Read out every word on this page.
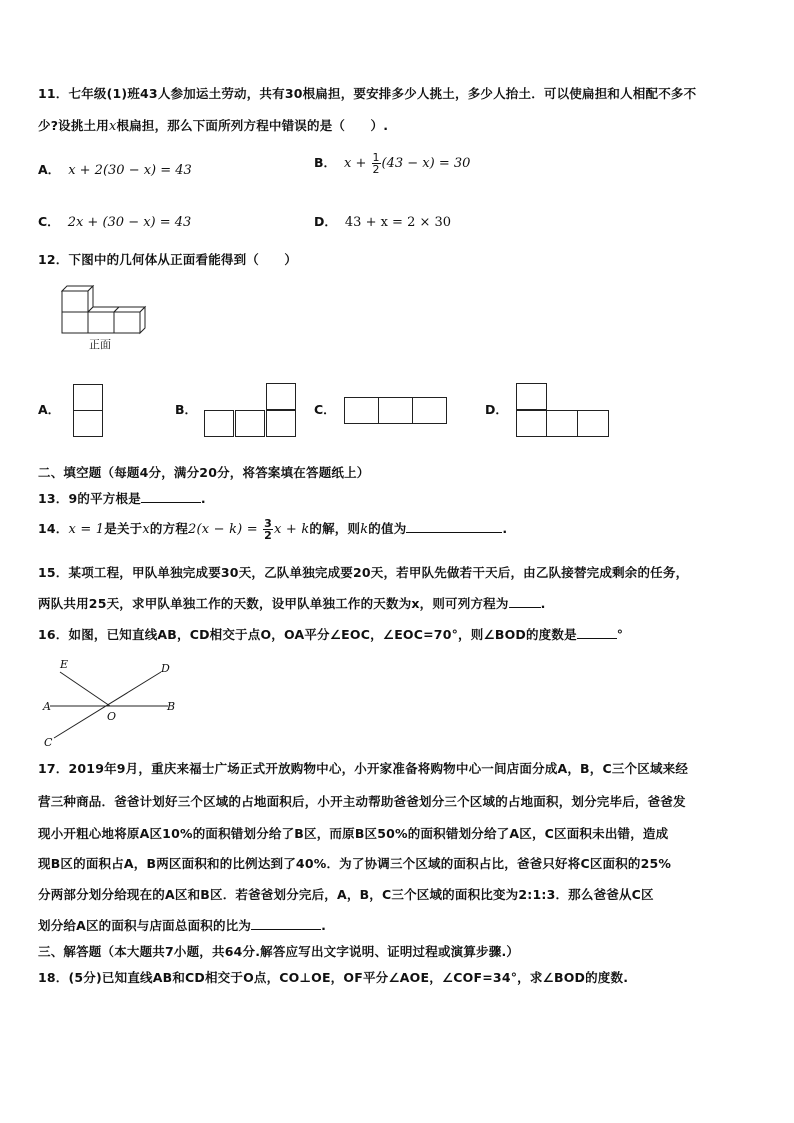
11．七年级(1)班43人参加运土劳动，共有30根扁担，要安排多少人挑土，多少人抬土．可以使扁担和人相配不多不
少?设挑土用x根扁担，那么下面所列方程中错误的是（　　）.
A． x + 2(30 − x) = 43
B． $x + \frac{1}{2} (43 - x) = 30$
C． 2x + (30 − x) = 43	D． 43 + x = 2 × 30
12．下图中的几何体从正面看能得到（　　）
正面
A．	B．	C．	D．
二、填空题（每题4分，满分20分，将答案填在答题纸上）
13．9的平方根是	.
14．x = 1是关于x的方程$2(x - k) = \frac{3}{2}$ x + k的解，则k的值为	.
15．某项工程，甲队单独完成要30天，乙队单独完成要20天，若甲队先做若干天后，由乙队接替完成剩余的任务，
两队共用25天，求甲队单独工作的天数，设甲队单独工作的天数为x，则可列方程为	.
16．如图，已知直线AB，CD相交于点O，OA平分∠EOC，∠EOC=70°，则∠BOD的度数是	°
E	D
A
O
B
C
17．2019年9月，重庆来福士广场正式开放购物中心，小开家准备将购物中心一间店面分成A，B，C三个区域来经
营三种商品．爸爸计划好三个区域的占地面积后，小开主动帮助爸爸划分三个区域的占地面积，划分完毕后，爸爸发
现小开粗心地将原A区10%的面积错划分给了B区，而原B区50%的面积错划分给了A区，C区面积未出错，造成
现B区的面积占A，B两区面积和的比例达到了40%．为了协调三个区域的面积占比，爸爸只好将C区面积的25%
分两部分划分给现在的A区和B区．若爸爸划分完后，A，B，C三个区域的面积比变为2:1:3．那么爸爸从C区
划分给A区的面积与店面总面积的比为	.
三、解答题（本大题共7小题，共64分.解答应写出文字说明、证明过程或演算步骤.）
18．(5分)已知直线AB和CD相交于O点，CO⊥OE，OF平分∠AOE，∠COF=34°，求∠BOD的度数.
